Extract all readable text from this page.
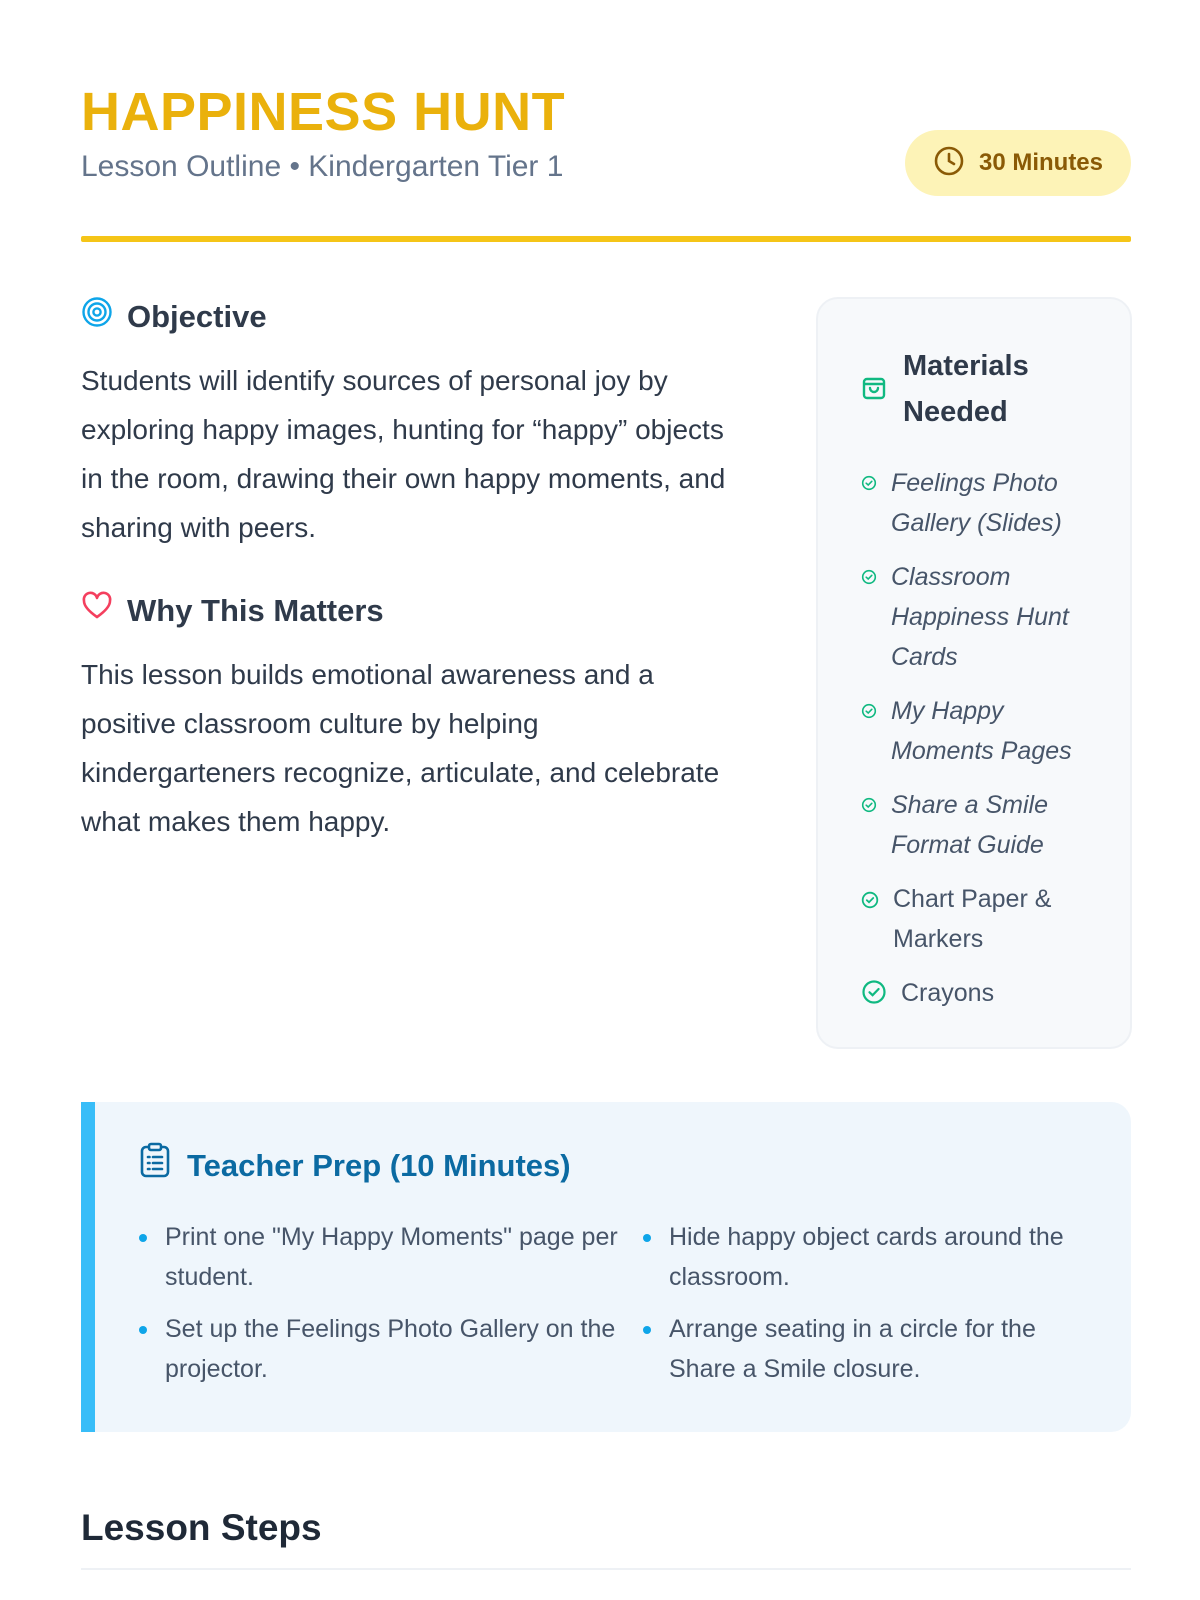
HAPPINESS HUNT
Lesson Outline • Kindergarten Tier 1	30 Minutes
Objective

Students will identify sources of personal joy by exploring happy images, hunting for “happy” objects in the room, drawing their own happy moments, and sharing with peers.

Why This Matters

This lesson builds emotional awareness and a positive classroom culture by helping kindergarteners recognize, articulate, and celebrate what makes them happy.

Materials Needed
Feelings Photo Gallery (Slides)
Classroom Happiness Hunt Cards
My Happy Moments Pages
Share a Smile Format Guide
Chart Paper & Markers
Crayons
Teacher Prep (10 Minutes)
Print one "My Happy Moments" page per student.
Hide happy object cards around the classroom.
Set up the Feelings Photo Gallery on the projector.
Arrange seating in a circle for the Share a Smile closure.
Lesson Steps
